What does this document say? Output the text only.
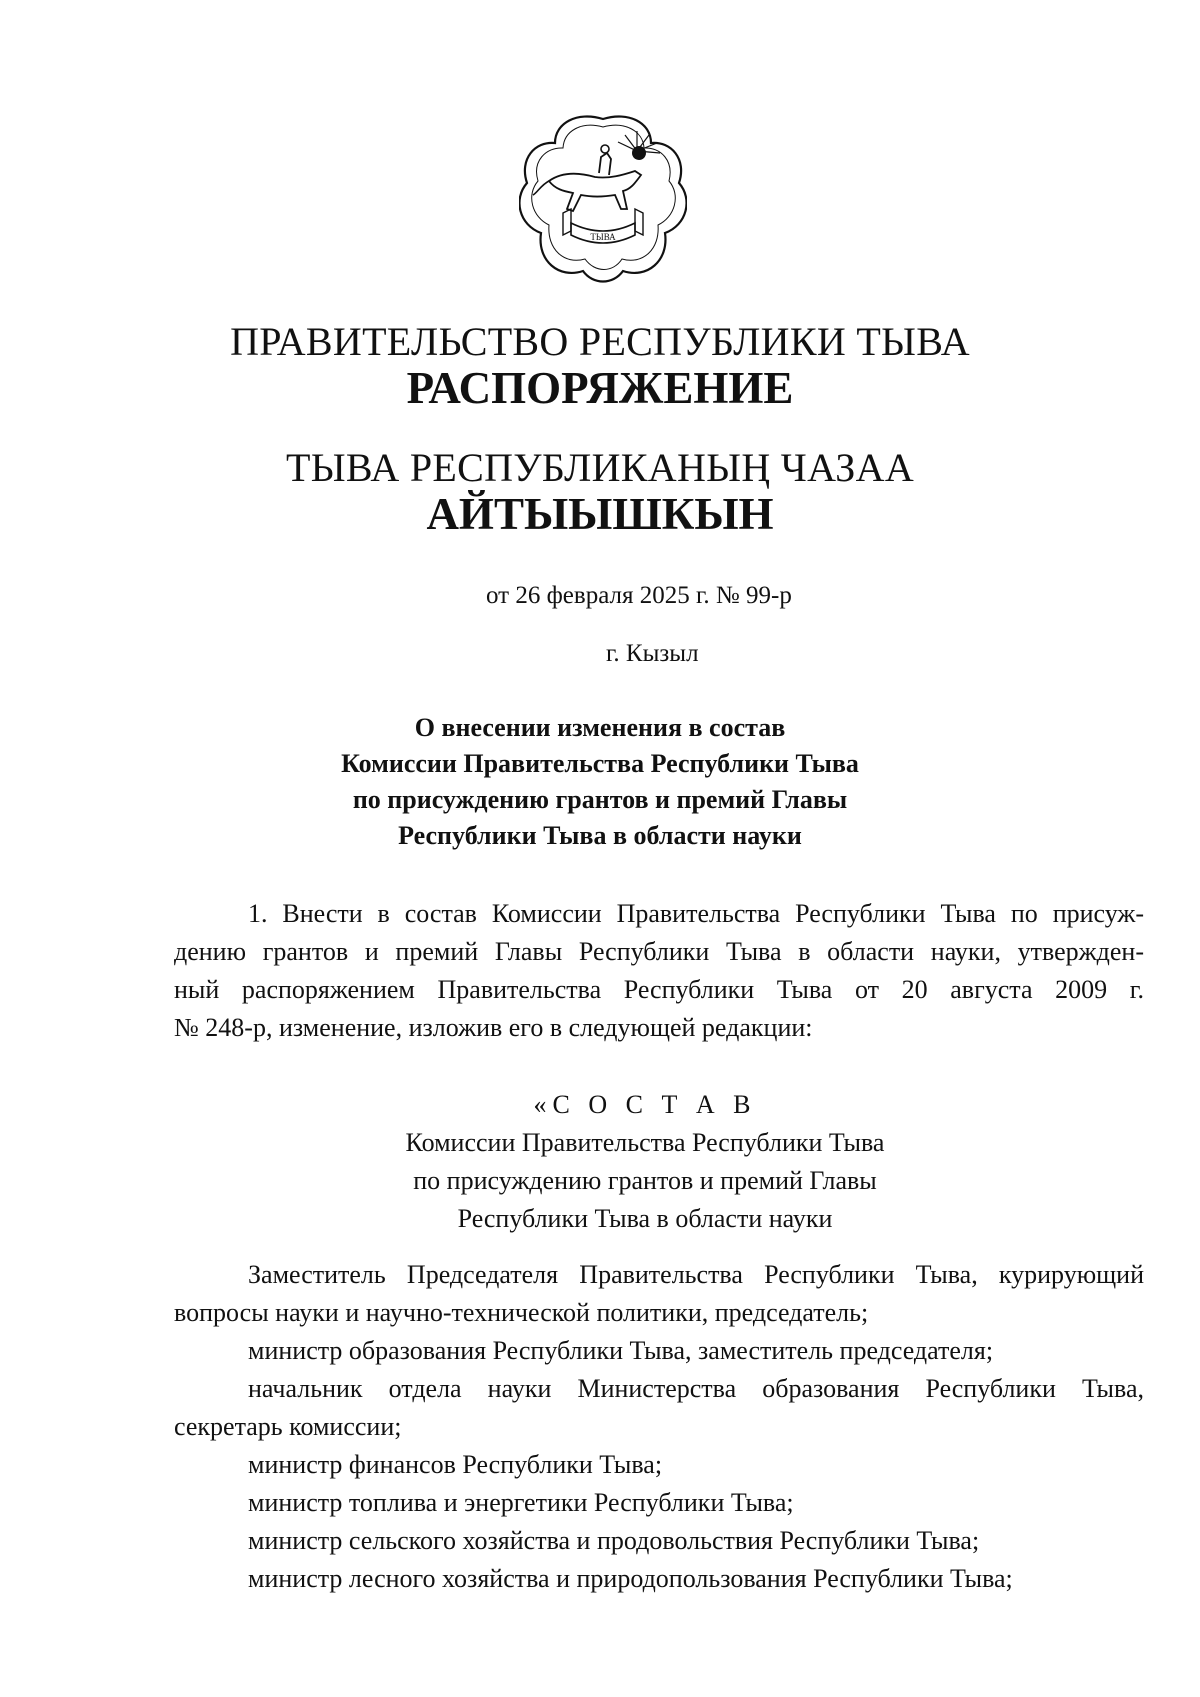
ТЫВА
ПРАВИТЕЛЬСТВО РЕСПУБЛИКИ ТЫВА
РАСПОРЯЖЕНИЕ
ТЫВА РЕСПУБЛИКАНЫҢ ЧАЗАА
АЙТЫЫШКЫН
от 26 февраля 2025 г. № 99-р
г. Кызыл
О внесении изменения в состав
Комиссии Правительства Республики Тыва
по присуждению грантов и премий Главы
Республики Тыва в области науки
1. Внести в состав Комиссии Правительства Республики Тыва по присуж-
дению грантов и премий Главы Республики Тыва в области науки, утвержден-
ный распоряжением Правительства Республики Тыва от 20 августа 2009 г.
№ 248-р, изменение, изложив его в следующей редакции:
«С О С Т А В
Комиссии Правительства Республики Тыва
по присуждению грантов и премий Главы
Республики Тыва в области науки
Заместитель Председателя Правительства Республики Тыва, курирующий
вопросы науки и научно-технической политики, председатель;
министр образования Республики Тыва, заместитель председателя;
начальник отдела науки Министерства образования Республики Тыва,
секретарь комиссии;
министр финансов Республики Тыва;
министр топлива и энергетики Республики Тыва;
министр сельского хозяйства и продовольствия Республики Тыва;
министр лесного хозяйства и природопользования Республики Тыва;
